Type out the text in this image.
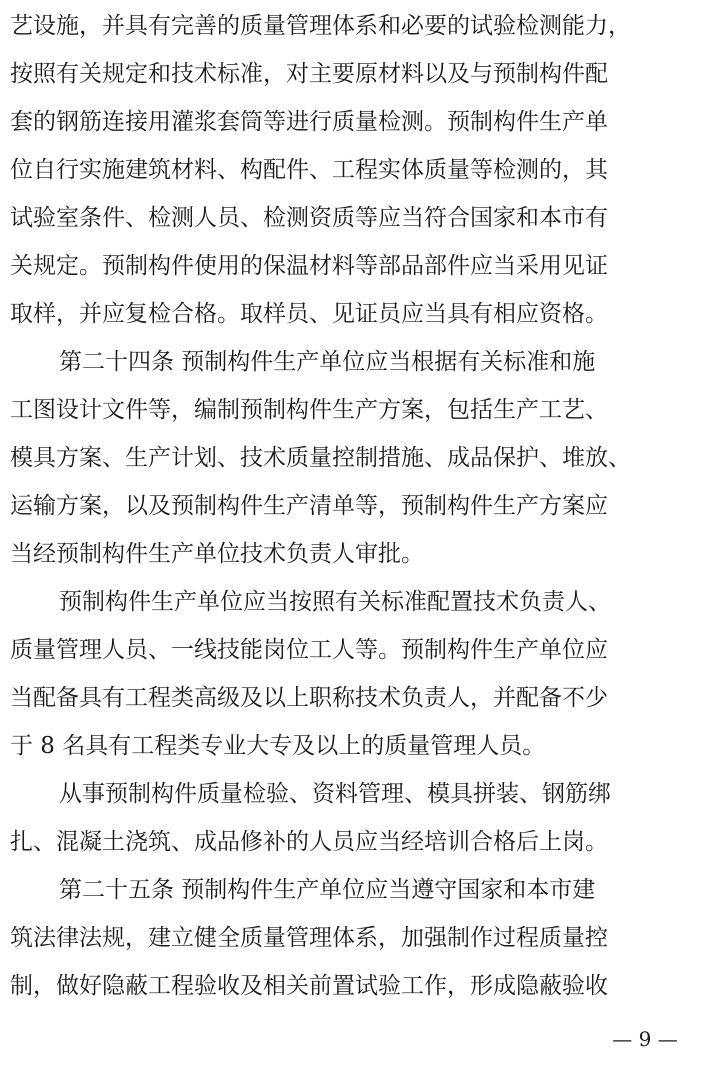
艺设施，并具有完善的质量管理体系和必要的试验检测能力，
按照有关规定和技术标准，对主要原材料以及与预制构件配
套的钢筋连接用灌浆套筒等进行质量检测。预制构件生产单
位自行实施建筑材料、构配件、工程实体质量等检测的，其
试验室条件、检测人员、检测资质等应当符合国家和本市有
关规定。预制构件使用的保温材料等部品部件应当采用见证
取样，并应复检合格。取样员、见证员应当具有相应资格。
第二十四条 预制构件生产单位应当根据有关标准和施
工图设计文件等，编制预制构件生产方案，包括生产工艺、
模具方案、生产计划、技术质量控制措施、成品保护、堆放、
运输方案，以及预制构件生产清单等，预制构件生产方案应
当经预制构件生产单位技术负责人审批。
预制构件生产单位应当按照有关标准配置技术负责人、
质量管理人员、一线技能岗位工人等。预制构件生产单位应
当配备具有工程类高级及以上职称技术负责人，并配备不少
于 8 名具有工程类专业大专及以上的质量管理人员。
从事预制构件质量检验、资料管理、模具拼装、钢筋绑
扎、混凝土浇筑、成品修补的人员应当经培训合格后上岗。
第二十五条 预制构件生产单位应当遵守国家和本市建
筑法律法规，建立健全质量管理体系，加强制作过程质量控
制，做好隐蔽工程验收及相关前置试验工作，形成隐蔽验收
— 9 —
